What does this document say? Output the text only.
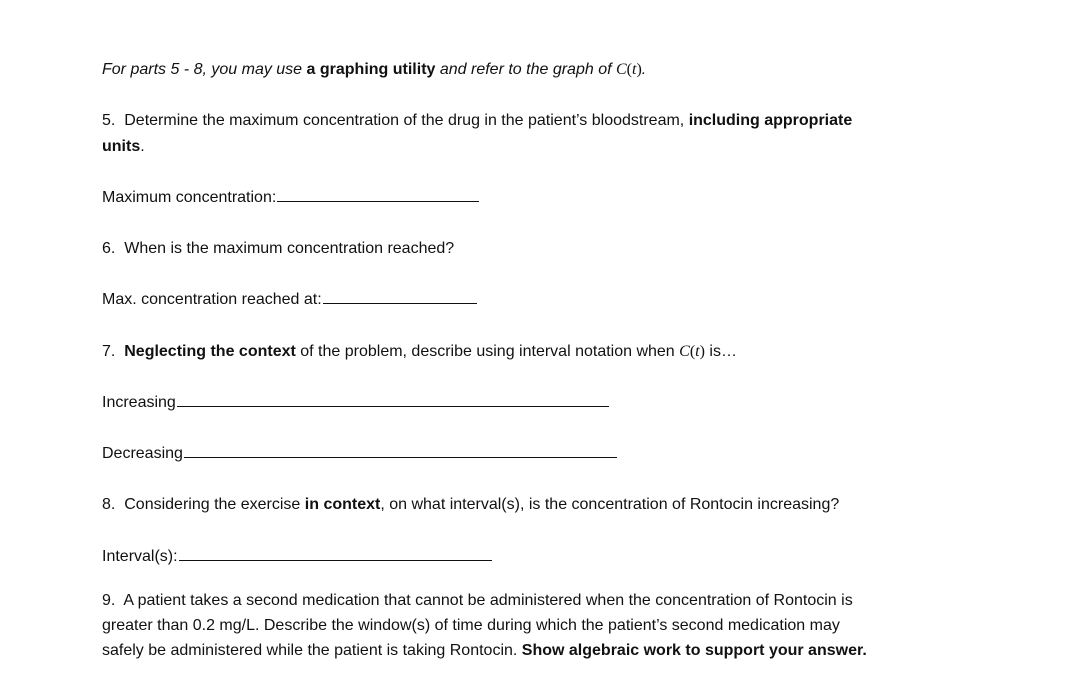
For parts 5 - 8, you may use a graphing utility and refer to the graph of C(t).
5. Determine the maximum concentration of the drug in the patient’s bloodstream, including appropriate
units.
Maximum concentration:
6. When is the maximum concentration reached?
Max. concentration reached at:
7. Neglecting the context of the problem, describe using interval notation when C(t) is…
Increasing
Decreasing
8. Considering the exercise in context, on what interval(s), is the concentration of Rontocin increasing?
Interval(s):
9. A patient takes a second medication that cannot be administered when the concentration of Rontocin is
greater than 0.2 mg/L. Describe the window(s) of time during which the patient’s second medication may
safely be administered while the patient is taking Rontocin. Show algebraic work to support your answer.
